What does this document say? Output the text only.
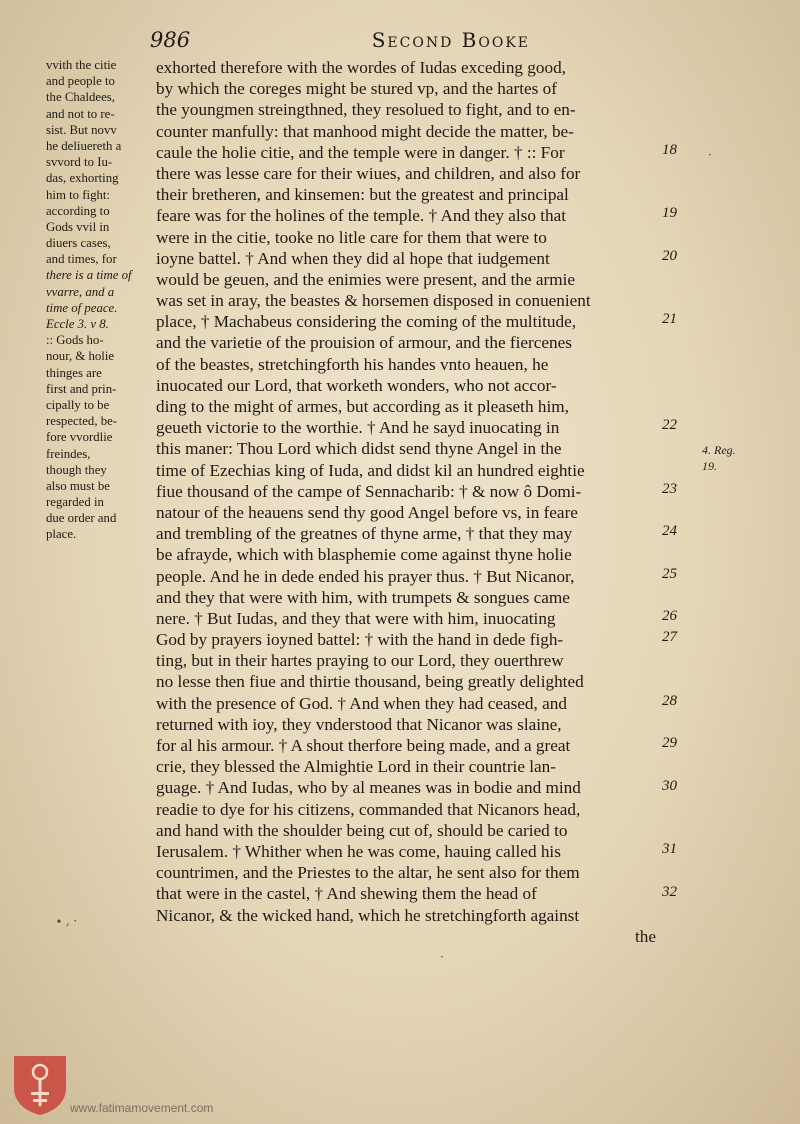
986	Second Booke
vvith the citie
and people to
the Chaldees,
and not to re-
sist. But novv
he deliuereth a
svvord to Iu-
das, exhorting
him to fight:
according to
Gods vvil in
diuers cases,
and times, for
there is a time of
vvarre, and a
time of peace.
Eccle 3. v 8.
:: Gods ho-
nour, & holie
thinges are
first and prin-
cipally to be
respected, be-
fore vvordlie
freindes,
though they
also must be
regarded in
due order and
place.
exhorted therefore with the wordes of Iudas exceding good,
by which the coreges might be stured vp, and the hartes of
the youngmen streingthned, they resolued to fight, and to en-
counter manfully: that manhood might decide the matter, be-
caule the holie citie, and the temple were in danger. † :: For
there was lesse care for their wiues, and children, and also for
their bretheren, and kinsemen: but the greatest and principal
feare was for the holines of the temple. † And they also that
were in the citie, tooke no litle care for them that were to
ioyne battel. † And when they did al hope that iudgement
would be geuen, and the enimies were present, and the armie
was set in aray, the beastes & horsemen disposed in conuenient
place, † Machabeus considering the coming of the multitude,
and the varietie of the prouision of armour, and the fiercenes
of the beastes, stretchingforth his handes vnto heauen, he
inuocated our Lord, that worketh wonders, who not accor-
ding to the might of armes, but according as it pleaseth him,
geueth victorie to the worthie. † And he sayd inuocating in
this maner: Thou Lord which didst send thyne Angel in the
time of Ezechias king of Iuda, and didst kil an hundred eightie
fiue thousand of the campe of Sennacharib: † & now ô Domi-
natour of the heauens send thy good Angel before vs, in feare
and trembling of the greatnes of thyne arme, † that they may
be afrayde, which with blasphemie come against thyne holie
people. And he in dede ended his prayer thus. † But Nicanor,
and they that were with him, with trumpets & songues came
nere. † But Iudas, and they that were with him, inuocating
God by prayers ioyned battel: † with the hand in dede figh-
ting, but in their hartes praying to our Lord, they ouerthrew
no lesse then fiue and thirtie thousand, being greatly delighted
with the presence of God. † And when they had ceased, and
returned with ioy, they vnderstood that Nicanor was slaine,
for al his armour. † A shout therfore being made, and a great
crie, they blessed the Almightie Lord in their countrie lan-
guage. † And Iudas, who by al meanes was in bodie and mind
readie to dye for his citizens, commanded that Nicanors head,
and hand with the shoulder being cut of, should be caried to
Ierusalem. † Whither when he was come, hauing called his
countrimen, and the Priestes to the altar, he sent also for them
that were in the castel, † And shewing them the head of
Nicanor, & the wicked hand, which he stretchingforth against
the
18
19
20
21
22
23
24
25
26
27
28
29
30
31
32
4. Reg.
19.
·
∙ ‚ ·
·
www.fatimamovement.com
